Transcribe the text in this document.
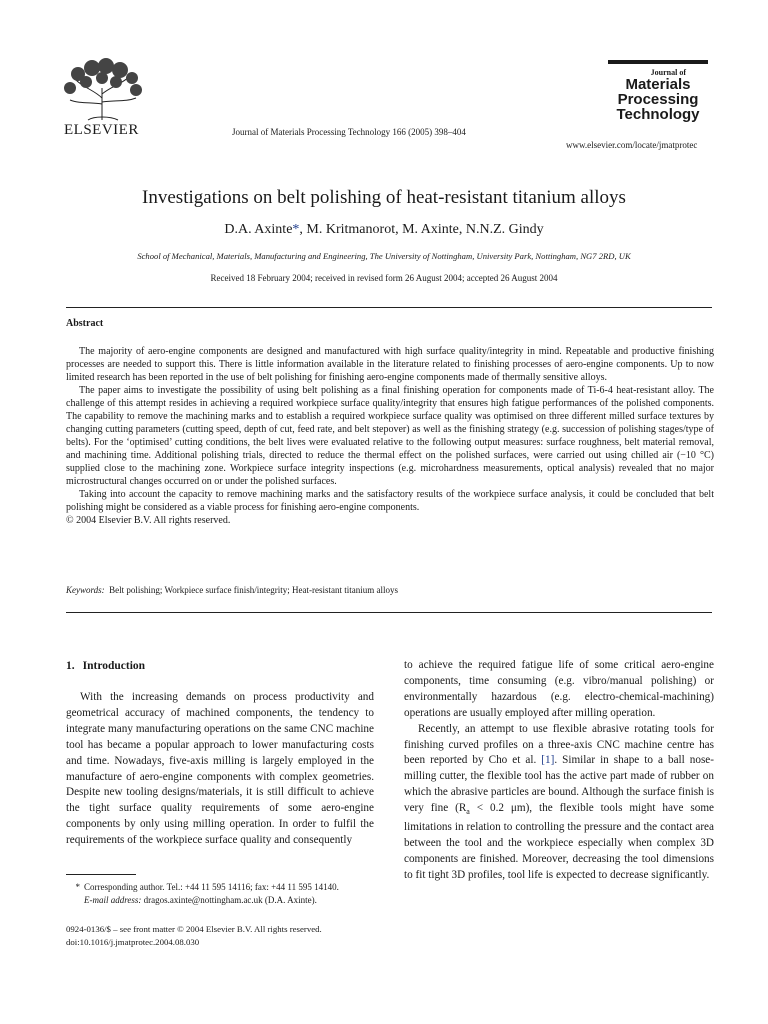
ELSEVIER	Journal of Materials Processing Technology 166 (2005) 398–404
Journal of
Materials
Processing
Technology
www.elsevier.com/locate/jmatprotec
Investigations on belt polishing of heat-resistant titanium alloys
D.A. Axinte*, M. Kritmanorot, M. Axinte, N.N.Z. Gindy
School of Mechanical, Materials, Manufacturing and Engineering, The University of Nottingham, University Park, Nottingham, NG7 2RD, UK
Received 18 February 2004; received in revised form 26 August 2004; accepted 26 August 2004
Abstract

The majority of aero-engine components are designed and manufactured with high surface quality/integrity in mind. Repeatable and productive finishing processes are needed to support this. There is little information available in the literature related to finishing processes of aero-engine components. Up to now limited research has been reported in the use of belt polishing for finishing aero-engine components made of thermally sensitive alloys.

The paper aims to investigate the possibility of using belt polishing as a final finishing operation for components made of Ti-6-4 heat-resistant alloy. The challenge of this attempt resides in achieving a required workpiece surface quality/integrity that ensures high fatigue performances of the polished components. The capability to remove the machining marks and to establish a required workpiece surface quality was optimised on three different milled surface textures by changing cutting parameters (cutting speed, depth of cut, feed rate, and belt stepover) as well as the finishing strategy (e.g. succession of polishing stages/type of belts). For the ‘optimised’ cutting conditions, the belt lives were evaluated relative to the following output measures: surface roughness, belt material removal, and machining time. Additional polishing trials, directed to reduce the thermal effect on the polished surfaces, were carried out using chilled air (−10 °C) supplied close to the machining zone. Workpiece surface integrity inspections (e.g. microhardness measurements, optical analysis) revealed that no major microstructural changes occurred on or under the polished surfaces.

Taking into account the capacity to remove machining marks and the satisfactory results of the workpiece surface analysis, it could be concluded that belt polishing might be considered as a viable process for finishing aero-engine components.

© 2004 Elsevier B.V. All rights reserved.

Keywords: Belt polishing; Workpiece surface finish/integrity; Heat-resistant titanium alloys
1. Introduction

With the increasing demands on process productivity and geometrical accuracy of machined components, the tendency to integrate many manufacturing operations on the same CNC machine tool has became a popular approach to lower manufacturing costs and time. Nowadays, five-axis milling is largely employed in the manufacture of aero-engine components with complex geometries. Despite new tooling designs/materials, it is still difficult to achieve the tight surface quality requirements of some aero-engine components by only using milling operation. In order to fulfil the requirements of the workpiece surface quality and consequently

to achieve the required fatigue life of some critical aero-engine components, time consuming (e.g. vibro/manual polishing) or environmentally hazardous (e.g. electro-chemical-machining) operations are usually employed after milling operation.

Recently, an attempt to use flexible abrasive rotating tools for finishing curved profiles on a three-axis CNC machine centre has been reported by Cho et al. [1]. Similar in shape to a ball nose-milling cutter, the flexible tool has the active part made of rubber on which the abrasive particles are bound. Although the surface finish is very fine ($R_a < 0.2$ μm), the flexible tools might have some limitations in relation to controlling the pressure and the contact area between the tool and the workpiece especially when complex 3D components are finished. Moreover, decreasing the tool dimensions to fit tight 3D profiles, tool life is expected to decrease significantly.

* Corresponding author. Tel.: +44 11 595 14116; fax: +44 11 595 14140.
E-mail address: dragos.axinte@nottingham.ac.uk (D.A. Axinte).
0924-0136/$ – see front matter © 2004 Elsevier B.V. All rights reserved.
doi:10.1016/j.jmatprotec.2004.08.030
